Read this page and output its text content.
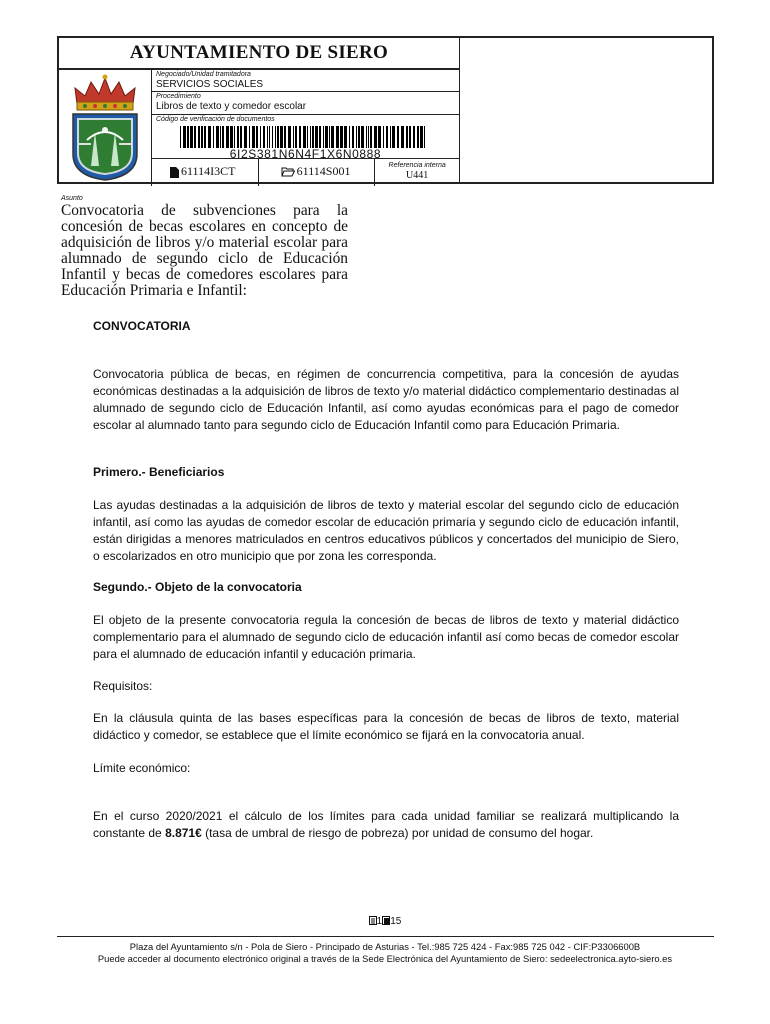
AYUNTAMIENTO DE SIERO
Negociado/Unidad tramitadora
SERVICIOS SOCIALES
Procedimiento
Libros de texto y comedor escolar
Código de verificación de documentos
6I2S381N6N4F1X6N0888
61114I3CT	61114S001	Referencia interna
U441
Asunto
Convocatoria de subvenciones para la concesión de becas escolares en concepto de adquisición de libros y/o material escolar para alumnado de segundo ciclo de Educación Infantil y becas de comedores escolares para Educación Primaria e Infantil:
CONVOCATORIA
Convocatoria pública de becas, en régimen de concurrencia competitiva, para la concesión de ayudas económicas destinadas a la adquisición de libros de texto y/o material didáctico complementario destinadas al alumnado de segundo ciclo de Educación Infantil, así como ayudas económicas para el pago de comedor escolar al alumnado tanto para segundo ciclo de Educación Infantil como para Educación Primaria.
Primero.- Beneficiarios
Las ayudas destinadas a la adquisición de libros de texto y material escolar del segundo ciclo de educación infantil, así como las ayudas de comedor escolar de educación primaria y segundo ciclo de educación infantil, están dirigidas a menores matriculados en centros educativos públicos y concertados del municipio de Siero, o escolarizados en otro municipio que por zona les corresponda.
Segundo.- Objeto de la convocatoria
El objeto de la presente convocatoria regula la concesión de becas de libros de texto y material didáctico complementario para el alumnado de segundo ciclo de educación infantil así como becas de comedor escolar para el alumnado de educación infantil y educación primaria.
Requisitos:
En la cláusula quinta de las bases específicas para la concesión de becas de libros de texto, material didáctico y comedor, se establece que el límite económico se fijará en la convocatoria anual.
Límite económico:
En el curso 2020/2021 el cálculo de los límites para cada unidad familiar se realizará multiplicando la constante de 8.871€ (tasa de umbral de riesgo de pobreza) por unidad de consumo del hogar.
1 15
Plaza del Ayuntamiento s/n - Pola de Siero - Principado de Asturias - Tel.:985 725 424 - Fax:985 725 042 - CIF:P3306600B
Puede acceder al documento electrónico original a través de la Sede Electrónica del Ayuntamiento de Siero: sedeelectronica.ayto-siero.es
